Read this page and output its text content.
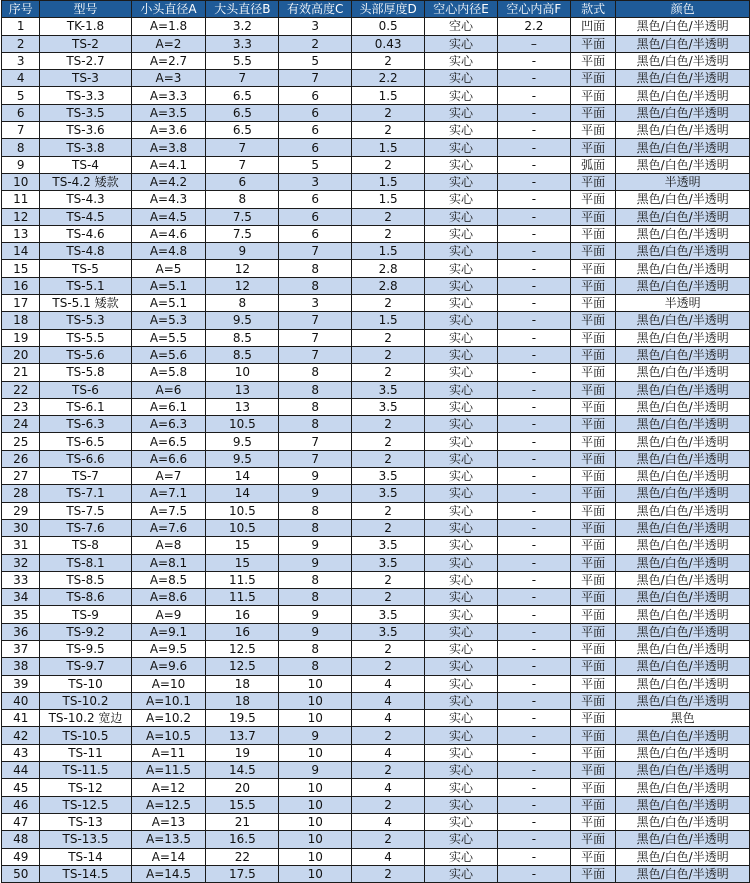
序号	型号	小头直径A	大头直径B	有效高度C	头部厚度D	空心内径E	空心内高F	款式	颜色
1	TK-1.8	A=1.8	3.2	3	0.5	空心	2.2	凹面	黑色/白色/半透明
2	TS-2	A=2	3.3	2	0.43	实心	–	平面	黑色/白色/半透明
3	TS-2.7	A=2.7	5.5	5	2	实心	-	平面	黑色/白色/半透明
4	TS-3	A=3	7	7	2.2	实心	-	平面	黑色/白色/半透明
5	TS-3.3	A=3.3	6.5	6	1.5	实心	-	平面	黑色/白色/半透明
6	TS-3.5	A=3.5	6.5	6	2	实心	-	平面	黑色/白色/半透明
7	TS-3.6	A=3.6	6.5	6	2	实心	-	平面	黑色/白色/半透明
8	TS-3.8	A=3.8	7	6	1.5	实心	-	平面	黑色/白色/半透明
9	TS-4	A=4.1	7	5	2	实心	-	弧面	黑色/白色/半透明
10	TS-4.2 矮款	A=4.2	6	3	1.5	实心	-	平面	半透明
11	TS-4.3	A=4.3	8	6	1.5	实心	-	平面	黑色/白色/半透明
12	TS-4.5	A=4.5	7.5	6	2	实心	-	平面	黑色/白色/半透明
13	TS-4.6	A=4.6	7.5	6	2	实心	-	平面	黑色/白色/半透明
14	TS-4.8	A=4.8	9	7	1.5	实心	-	平面	黑色/白色/半透明
15	TS-5	A=5	12	8	2.8	实心	-	平面	黑色/白色/半透明
16	TS-5.1	A=5.1	12	8	2.8	实心	-	平面	黑色/白色/半透明
17	TS-5.1 矮款	A=5.1	8	3	2	实心	-	平面	半透明
18	TS-5.3	A=5.3	9.5	7	1.5	实心	-	平面	黑色/白色/半透明
19	TS-5.5	A=5.5	8.5	7	2	实心	-	平面	黑色/白色/半透明
20	TS-5.6	A=5.6	8.5	7	2	实心	-	平面	黑色/白色/半透明
21	TS-5.8	A=5.8	10	8	2	实心	-	平面	黑色/白色/半透明
22	TS-6	A=6	13	8	3.5	实心	-	平面	黑色/白色/半透明
23	TS-6.1	A=6.1	13	8	3.5	实心	-	平面	黑色/白色/半透明
24	TS-6.3	A=6.3	10.5	8	2	实心	-	平面	黑色/白色/半透明
25	TS-6.5	A=6.5	9.5	7	2	实心	-	平面	黑色/白色/半透明
26	TS-6.6	A=6.6	9.5	7	2	实心	-	平面	黑色/白色/半透明
27	TS-7	A=7	14	9	3.5	实心	-	平面	黑色/白色/半透明
28	TS-7.1	A=7.1	14	9	3.5	实心	-	平面	黑色/白色/半透明
29	TS-7.5	A=7.5	10.5	8	2	实心	-	平面	黑色/白色/半透明
30	TS-7.6	A=7.6	10.5	8	2	实心	-	平面	黑色/白色/半透明
31	TS-8	A=8	15	9	3.5	实心	-	平面	黑色/白色/半透明
32	TS-8.1	A=8.1	15	9	3.5	实心	-	平面	黑色/白色/半透明
33	TS-8.5	A=8.5	11.5	8	2	实心	-	平面	黑色/白色/半透明
34	TS-8.6	A=8.6	11.5	8	2	实心	-	平面	黑色/白色/半透明
35	TS-9	A=9	16	9	3.5	实心	-	平面	黑色/白色/半透明
36	TS-9.2	A=9.1	16	9	3.5	实心	-	平面	黑色/白色/半透明
37	TS-9.5	A=9.5	12.5	8	2	实心	-	平面	黑色/白色/半透明
38	TS-9.7	A=9.6	12.5	8	2	实心	-	平面	黑色/白色/半透明
39	TS-10	A=10	18	10	4	实心	-	平面	黑色/白色/半透明
40	TS-10.2	A=10.1	18	10	4	实心	-	平面	黑色/白色/半透明
41	TS-10.2 宽边	A=10.2	19.5	10	4	实心	-	平面	黑色
42	TS-10.5	A=10.5	13.7	9	2	实心	-	平面	黑色/白色/半透明
43	TS-11	A=11	19	10	4	实心	-	平面	黑色/白色/半透明
44	TS-11.5	A=11.5	14.5	9	2	实心	-	平面	黑色/白色/半透明
45	TS-12	A=12	20	10	4	实心	-	平面	黑色/白色/半透明
46	TS-12.5	A=12.5	15.5	10	2	实心	-	平面	黑色/白色/半透明
47	TS-13	A=13	21	10	4	实心	-	平面	黑色/白色/半透明
48	TS-13.5	A=13.5	16.5	10	2	实心	-	平面	黑色/白色/半透明
49	TS-14	A=14	22	10	4	实心	-	平面	黑色/白色/半透明
50	TS-14.5	A=14.5	17.5	10	2	实心	-	平面	黑色/白色/半透明
